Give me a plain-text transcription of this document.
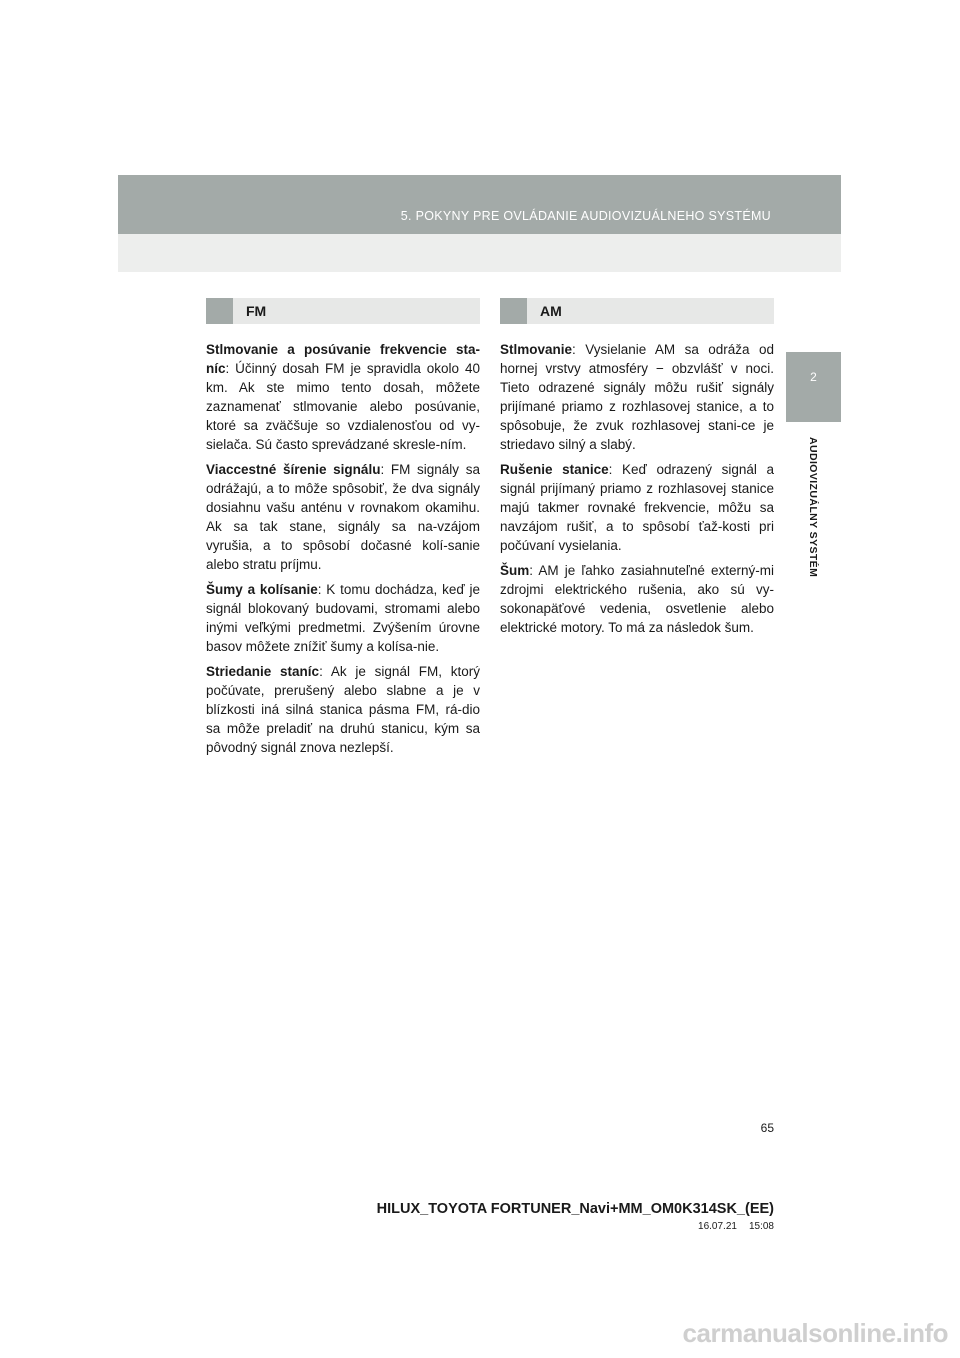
5. POKYNY PRE OVLÁDANIE AUDIOVIZUÁLNEHO SYSTÉMU
2
AUDIOVIZUÁLNY SYSTÉM
FM

Stlmovanie a posúvanie frekvencie sta-níc: Účinný dosah FM je spravidla okolo 40 km. Ak ste mimo tento dosah, môžete zaznamenať stlmovanie alebo posúvanie, ktoré sa zväčšuje so vzdialenosťou od vy-sielača. Sú často sprevádzané skresle-ním.

Viaccestné šírenie signálu: FM signály sa odrážajú, a to môže spôsobiť, že dva signály dosiahnu vašu anténu v rovnakom okamihu. Ak sa tak stane, signály sa na-vzájom vyrušia, a to spôsobí dočasné kolí-sanie alebo stratu príjmu.

Šumy a kolísanie: K tomu dochádza, keď je signál blokovaný budovami, stromami alebo inými veľkými predmetmi. Zvýšením úrovne basov môžete znížiť šumy a kolísa-nie.

Striedanie staníc: Ak je signál FM, ktorý počúvate, prerušený alebo slabne a je v blízkosti iná silná stanica pásma FM, rá-dio sa môže preladiť na druhú stanicu, kým sa pôvodný signál znova nezlepší.

AM

Stlmovanie: Vysielanie AM sa odráža od hornej vrstvy atmosféry − obzvlášť v noci. Tieto odrazené signály môžu rušiť signály prijímané priamo z rozhlasovej stanice, a to spôsobuje, že zvuk rozhlasovej stani-ce je striedavo silný a slabý.

Rušenie stanice: Keď odrazený signál a signál prijímaný priamo z rozhlasovej stanice majú takmer rovnaké frekvencie, môžu sa navzájom rušiť, a to spôsobí ťaž-kosti pri počúvaní vysielania.

Šum: AM je ľahko zasiahnuteľné externý-mi zdrojmi elektrického rušenia, ako sú vy-sokonapäťové vedenia, osvetlenie alebo elektrické motory. To má za následok šum.

65
HILUX_TOYOTA FORTUNER_Navi+MM_OM0K314SK_(EE)
16.07.21 15:08
carmanualsonline.info
